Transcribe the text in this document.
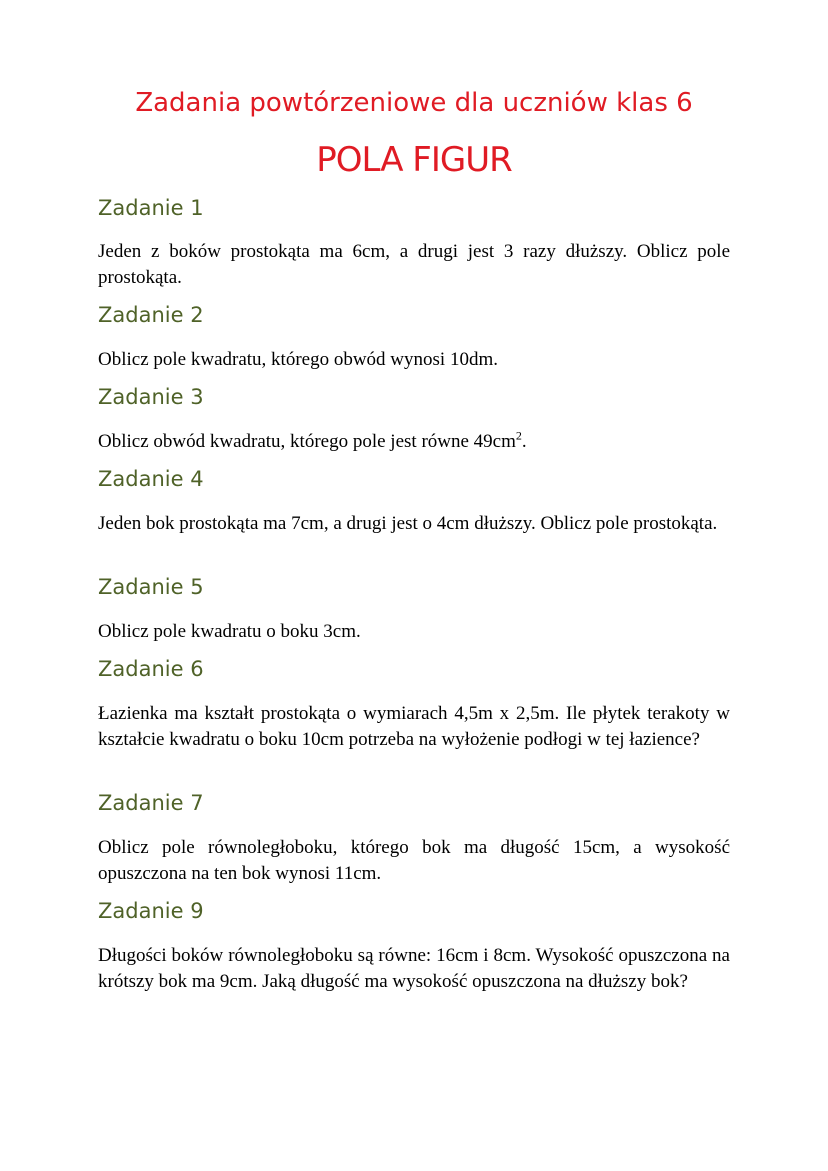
Zadania powtórzeniowe dla uczniów klas 6
POLA FIGUR
Zadanie 1

Jeden z boków prostokąta ma 6cm, a drugi jest 3 razy dłuższy. Oblicz pole prostokąta.

Zadanie 2

Oblicz pole kwadratu, którego obwód wynosi 10dm.

Zadanie 3

Oblicz obwód kwadratu, którego pole jest równe $49cm^2$.

Zadanie 4

Jeden bok prostokąta ma 7cm, a drugi jest o 4cm dłuższy. Oblicz pole prostokąta.

Zadanie 5

Oblicz pole kwadratu o boku 3cm.

Zadanie 6

Łazienka ma kształt prostokąta o wymiarach 4,5m x 2,5m. Ile płytek terakoty w kształcie kwadratu o boku 10cm potrzeba na wyłożenie podłogi w tej łazience?

Zadanie 7

Oblicz pole równoległoboku, którego bok ma długość 15cm, a wysokość opuszczona na ten bok wynosi 11cm.

Zadanie 9

Długości boków równoległoboku są równe: 16cm i 8cm. Wysokość opuszczona na krótszy bok ma 9cm. Jaką długość ma wysokość opuszczona na dłuższy bok?
